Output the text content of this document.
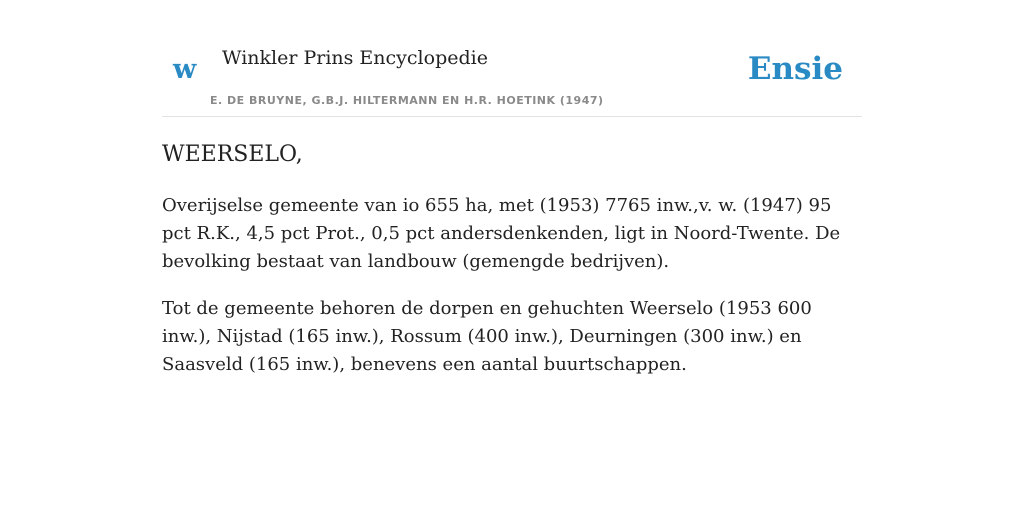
w Winkler Prins Encyclopedie
E. DE BRUYNE, G.B.J. HILTERMANN EN H.R. HOETINK (1947)
Ensie
WEERSELO,

Overijselse gemeente van io 655 ha, met (1953) 7765 inw.,v. w. (1947) 95 pct R.K., 4,5 pct Prot., 0,5 pct andersdenkenden, ligt in Noord-Twente. De bevolking bestaat van landbouw (gemengde bedrijven).

Tot de gemeente behoren de dorpen en gehuchten Weerselo (1953 600 inw.), Nijstad (165 inw.), Rossum (400 inw.), Deurningen (300 inw.) en Saasveld (165 inw.), benevens een aantal buurtschappen.
